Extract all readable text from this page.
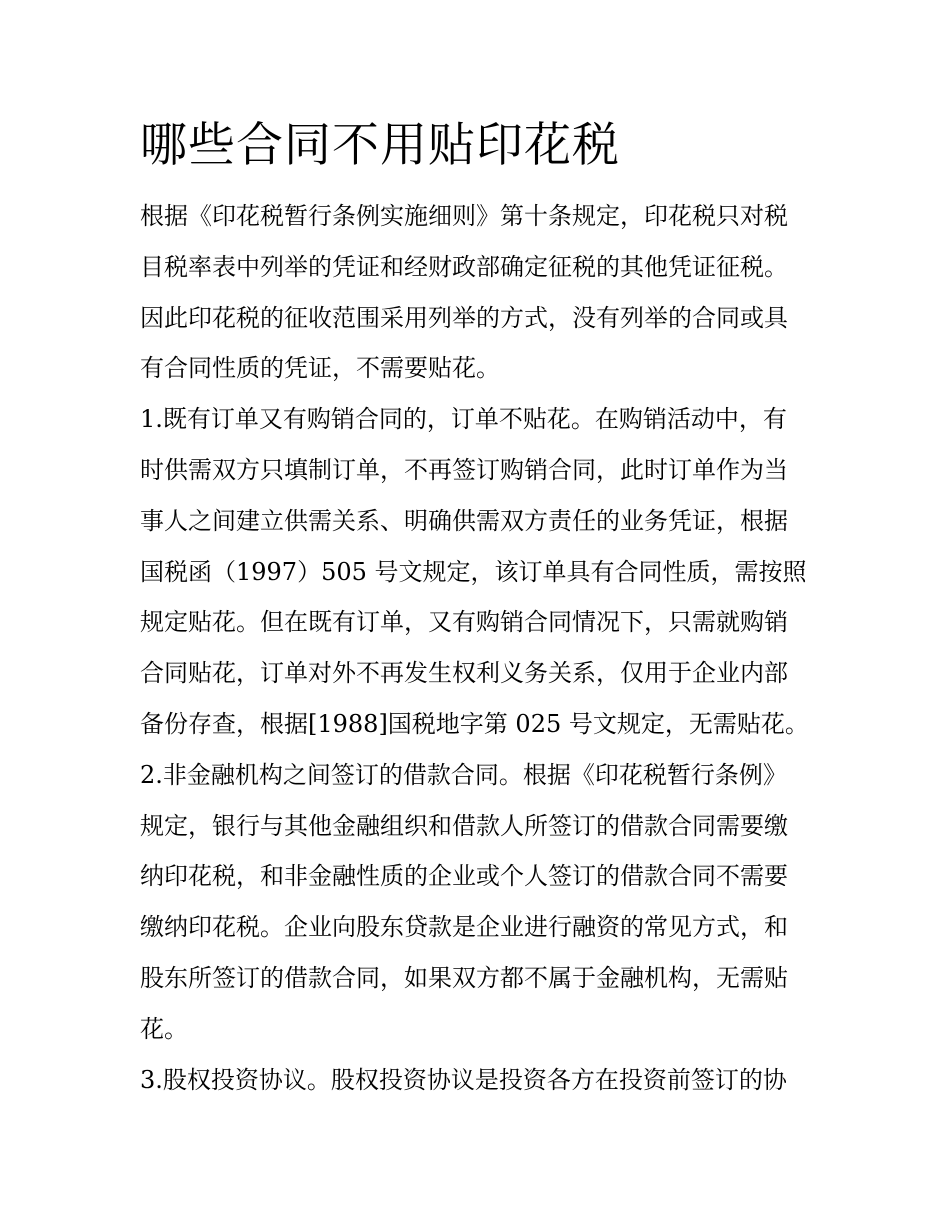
哪些合同不用贴印花税
根据《印花税暂行条例实施细则》第十条规定，印花税只对税
目税率表中列举的凭证和经财政部确定征税的其他凭证征税。
因此印花税的征收范围采用列举的方式，没有列举的合同或具
有合同性质的凭证，不需要贴花。
1.既有订单又有购销合同的，订单不贴花。在购销活动中，有
时供需双方只填制订单，不再签订购销合同，此时订单作为当
事人之间建立供需关系、明确供需双方责任的业务凭证，根据
国税函（1997）505 号文规定，该订单具有合同性质，需按照
规定贴花。但在既有订单，又有购销合同情况下，只需就购销
合同贴花，订单对外不再发生权利义务关系，仅用于企业内部
备份存查，根据[1988]国税地字第 025 号文规定，无需贴花。
2.非金融机构之间签订的借款合同。根据《印花税暂行条例》
规定，银行与其他金融组织和借款人所签订的借款合同需要缴
纳印花税，和非金融性质的企业或个人签订的借款合同不需要
缴纳印花税。企业向股东贷款是企业进行融资的常见方式，和
股东所签订的借款合同，如果双方都不属于金融机构，无需贴
花。
3.股权投资协议。股权投资协议是投资各方在投资前签订的协
